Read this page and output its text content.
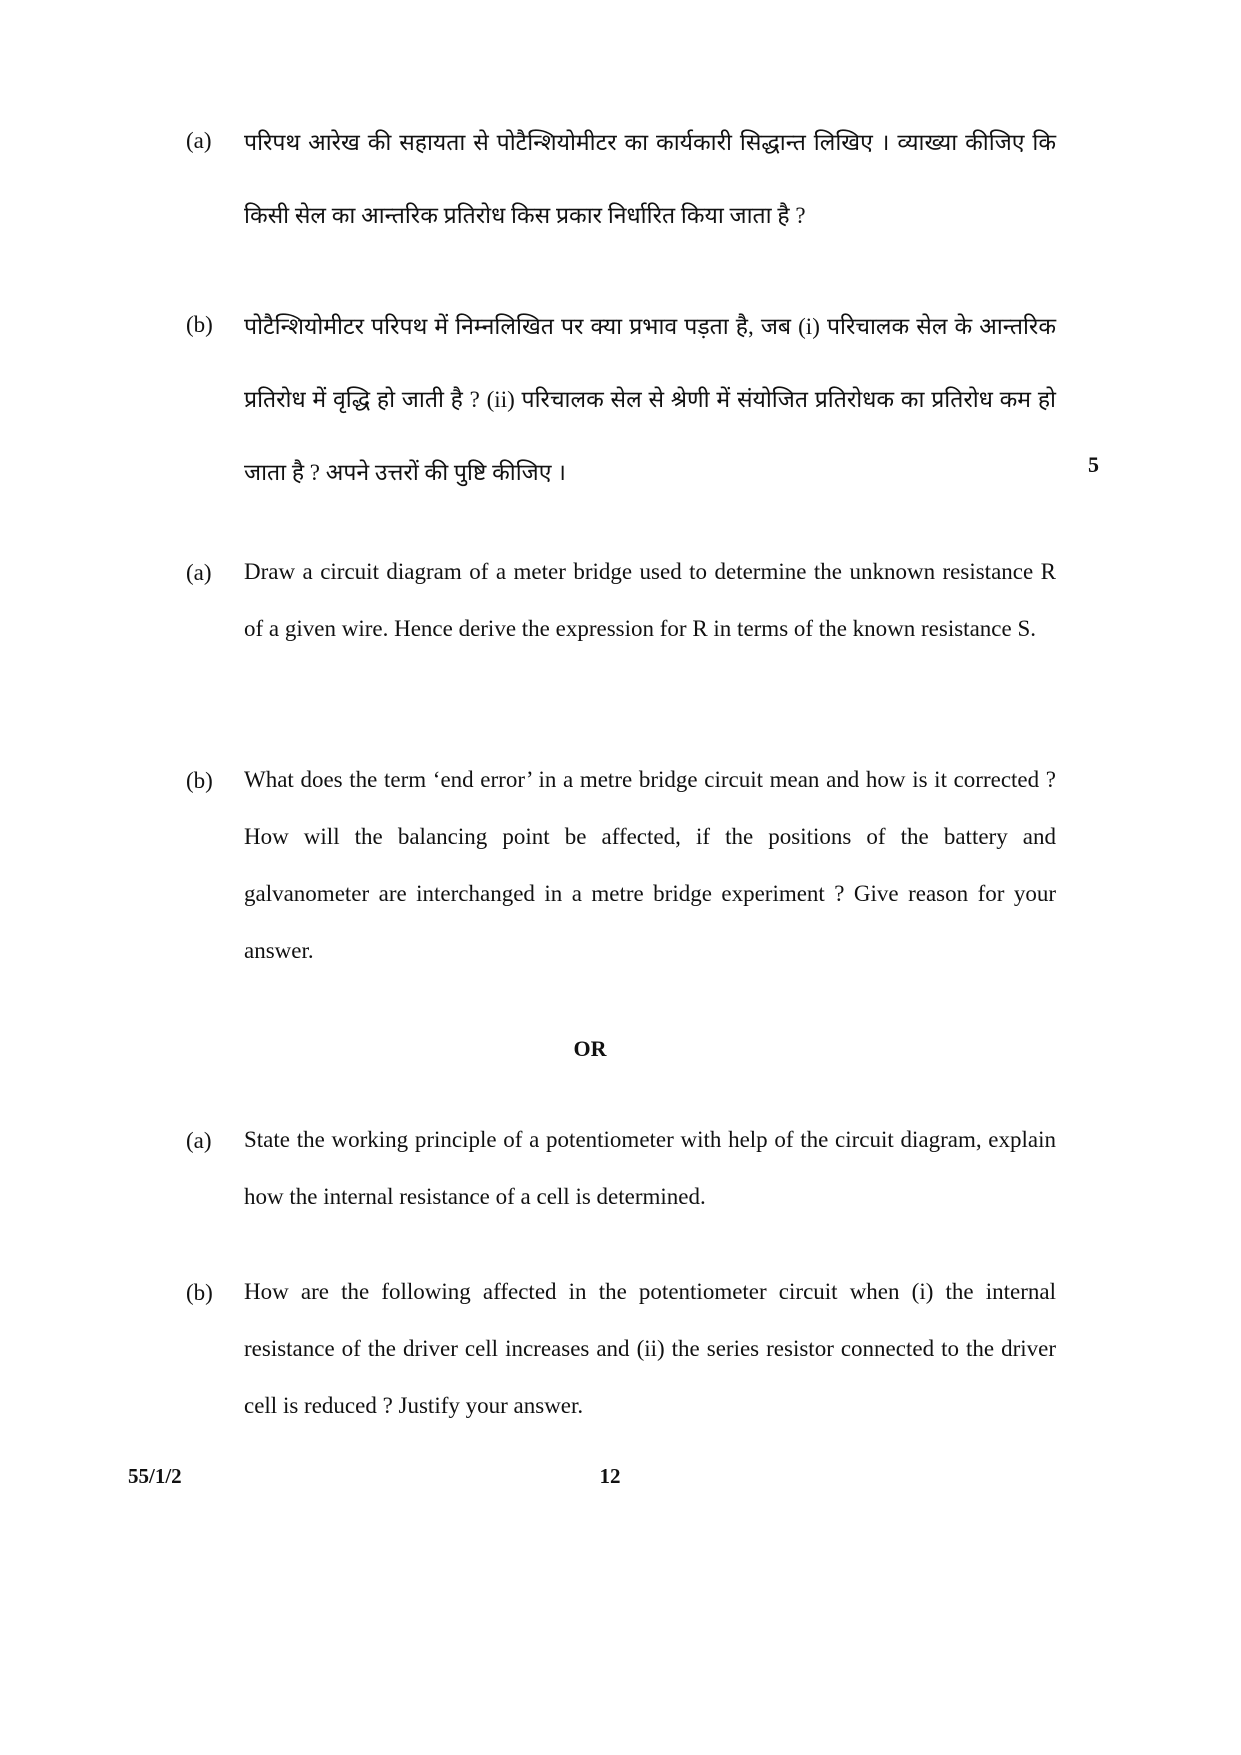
(a)	परिपथ आरेख की सहायता से पोटैन्शियोमीटर का कार्यकारी सिद्धान्त लिखिए । व्याख्या कीजिए कि किसी सेल का आन्तरिक प्रतिरोध किस प्रकार निर्धारित किया जाता है ?
(b)	पोटैन्शियोमीटर परिपथ में निम्नलिखित पर क्या प्रभाव पड़ता है, जब (i) परिचालक सेल के आन्तरिक प्रतिरोध में वृद्धि हो जाती है ? (ii) परिचालक सेल से श्रेणी में संयोजित प्रतिरोधक का प्रतिरोध कम हो जाता है ? अपने उत्तरों की पुष्टि कीजिए ।	5
(a)	Draw a circuit diagram of a meter bridge used to determine the unknown resistance R of a given wire. Hence derive the expression for R in terms of the known resistance S.
(b)	What does the term ‘end error’ in a metre bridge circuit mean and how is it corrected ? How will the balancing point be affected, if the positions of the battery and galvanometer are interchanged in a metre bridge experiment ? Give reason for your answer.
OR
(a)	State the working principle of a potentiometer with help of the circuit diagram, explain how the internal resistance of a cell is determined.
(b)	How are the following affected in the potentiometer circuit when (i) the internal resistance of the driver cell increases and (ii) the series resistor connected to the driver cell is reduced ? Justify your answer.
55/1/2	12
